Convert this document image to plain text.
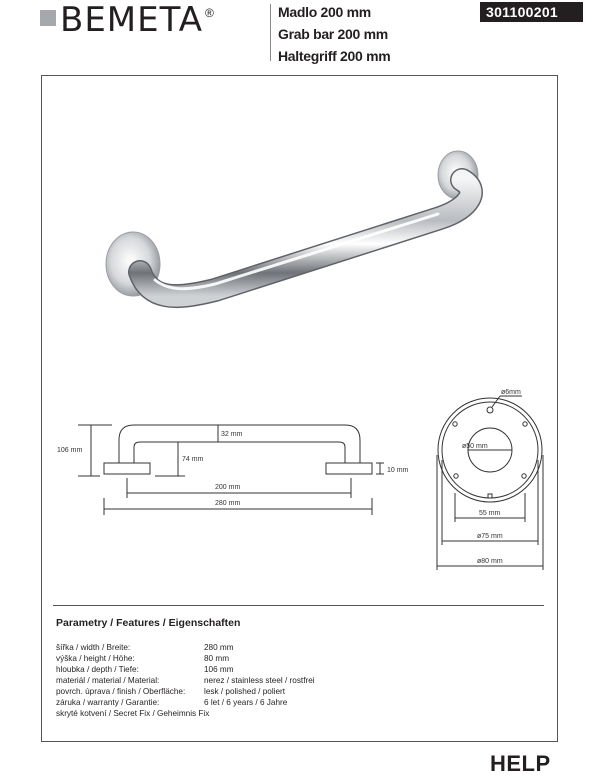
BEMETA ®	Madlo 200 mm
Grab bar 200 mm
Haltegriff 200 mm
301100201
106 mm
32 mm
74 mm
10 mm
200 mm
280 mm
ø6mm
ø50 mm
55 mm
ø75 mm
ø80 mm
Parametry / Features / Eigenschaften
šířka / width / Breite:	280 mm
výška / height / Höhe:	80 mm
hloubka / depth / Tiefe:	106 mm
materiál / material / Material:	nerez / stainless steel / rostfrei
povrch. úprava / finish / Oberfläche:	lesk / polished / poliert
záruka / warranty / Garantie:	6 let / 6 years / 6 Jahre
skryté kotvení / Secret Fix / Geheimnis Fix
HELP
